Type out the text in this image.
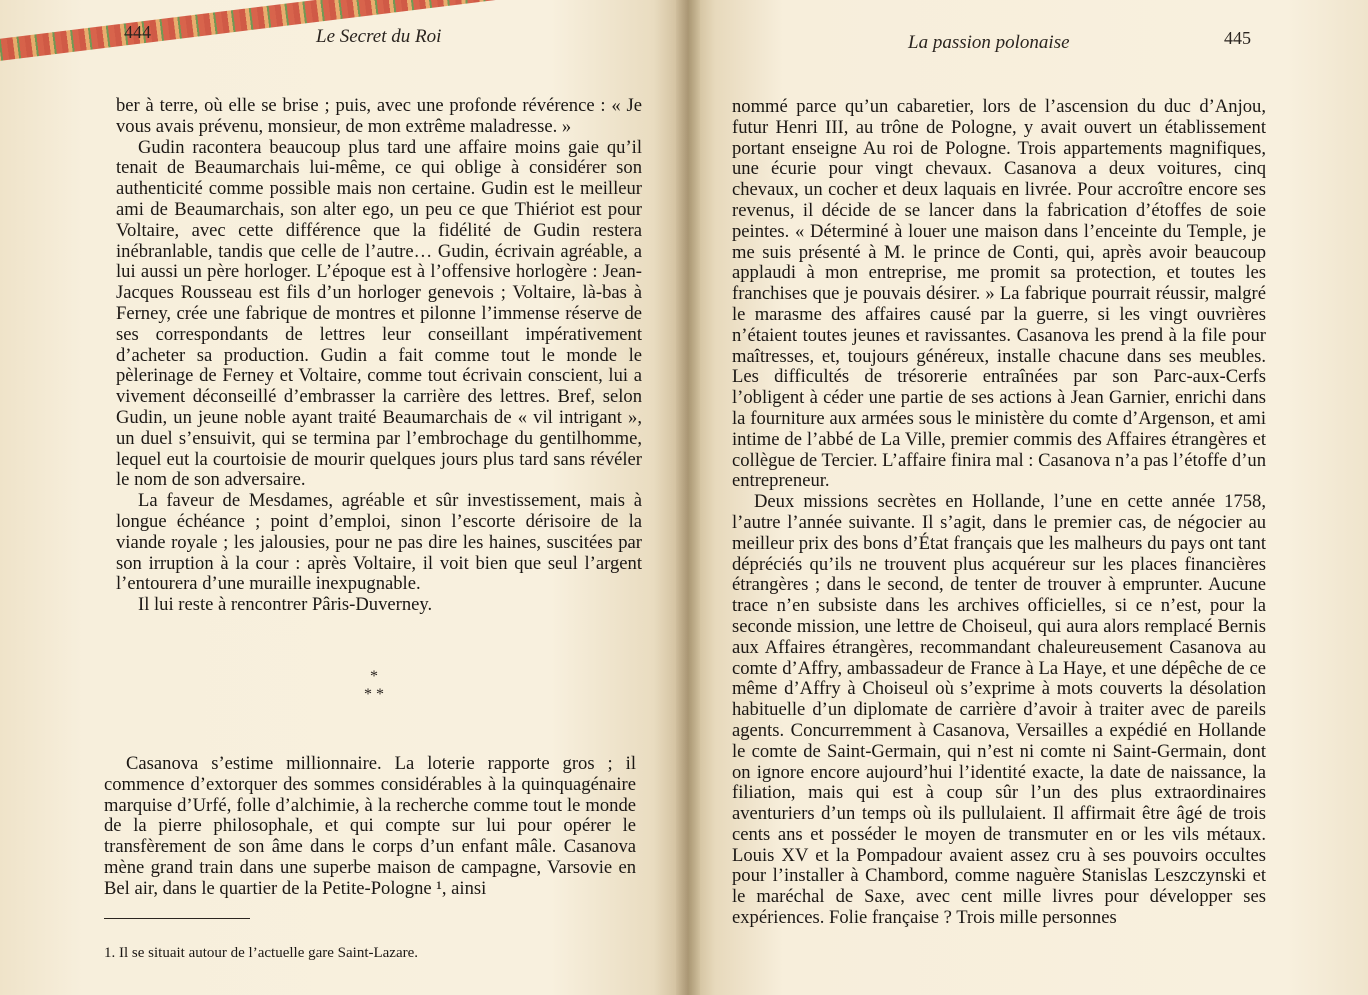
444	Le Secret du Roi

ber à terre, où elle se brise ; puis, avec une profonde révérence : « Je vous avais prévenu, monsieur, de mon extrême maladresse. »

Gudin racontera beaucoup plus tard une affaire moins gaie qu’il tenait de Beaumarchais lui-même, ce qui oblige à considérer son authenticité comme possible mais non certaine. Gudin est le meilleur ami de Beaumarchais, son alter ego, un peu ce que Thiériot est pour Voltaire, avec cette différence que la fidélité de Gudin restera inébranlable, tandis que celle de l’autre… Gudin, écrivain agréable, a lui aussi un père horloger. L’époque est à l’offensive horlogère : Jean-Jacques Rousseau est fils d’un horloger genevois ; Voltaire, là-bas à Ferney, crée une fabrique de montres et pilonne l’immense réserve de ses correspondants de lettres leur conseillant impérativement d’acheter sa production. Gudin a fait comme tout le monde le pèlerinage de Ferney et Voltaire, comme tout écrivain conscient, lui a vivement déconseillé d’embrasser la carrière des lettres. Bref, selon Gudin, un jeune noble ayant traité Beaumarchais de « vil intrigant », un duel s’ensuivit, qui se termina par l’embrochage du gentilhomme, lequel eut la courtoisie de mourir quelques jours plus tard sans révéler le nom de son adversaire.

La faveur de Mesdames, agréable et sûr investissement, mais à longue échéance ; point d’emploi, sinon l’escorte dérisoire de la viande royale ; les jalousies, pour ne pas dire les haines, suscitées par son irruption à la cour : après Voltaire, il voit bien que seul l’argent l’entourera d’une muraille inexpugnable.

Il lui reste à rencontrer Pâris-Duverney.

*
* *

Casanova s’estime millionnaire. La loterie rapporte gros ; il commence d’extorquer des sommes considérables à la quinquagénaire marquise d’Urfé, folle d’alchimie, à la recherche comme tout le monde de la pierre philosophale, et qui compte sur lui pour opérer le transfèrement de son âme dans le corps d’un enfant mâle. Casanova mène grand train dans une superbe maison de campagne, Varsovie en Bel air, dans le quartier de la Petite-Pologne ¹, ainsi

1. Il se situait autour de l’actuelle gare Saint-Lazare.
La passion polonaise	445

nommé parce qu’un cabaretier, lors de l’ascension du duc d’Anjou, futur Henri III, au trône de Pologne, y avait ouvert un établissement portant enseigne Au roi de Pologne. Trois appartements magnifiques, une écurie pour vingt chevaux. Casanova a deux voitures, cinq chevaux, un cocher et deux laquais en livrée. Pour accroître encore ses revenus, il décide de se lancer dans la fabrication d’étoffes de soie peintes. « Déterminé à louer une maison dans l’enceinte du Temple, je me suis présenté à M. le prince de Conti, qui, après avoir beaucoup applaudi à mon entreprise, me promit sa protection, et toutes les franchises que je pouvais désirer. » La fabrique pourrait réussir, malgré le marasme des affaires causé par la guerre, si les vingt ouvrières n’étaient toutes jeunes et ravissantes. Casanova les prend à la file pour maîtresses, et, toujours généreux, installe chacune dans ses meubles. Les difficultés de trésorerie entraînées par son Parc-aux-Cerfs l’obligent à céder une partie de ses actions à Jean Garnier, enrichi dans la fourniture aux armées sous le ministère du comte d’Argenson, et ami intime de l’abbé de La Ville, premier commis des Affaires étrangères et collègue de Tercier. L’affaire finira mal : Casanova n’a pas l’étoffe d’un entrepreneur.

Deux missions secrètes en Hollande, l’une en cette année 1758, l’autre l’année suivante. Il s’agit, dans le premier cas, de négocier au meilleur prix des bons d’État français que les malheurs du pays ont tant dépréciés qu’ils ne trouvent plus acquéreur sur les places financières étrangères ; dans le second, de tenter de trouver à emprunter. Aucune trace n’en subsiste dans les archives officielles, si ce n’est, pour la seconde mission, une lettre de Choiseul, qui aura alors remplacé Bernis aux Affaires étrangères, recommandant chaleureusement Casanova au comte d’Affry, ambassadeur de France à La Haye, et une dépêche de ce même d’Affry à Choiseul où s’exprime à mots couverts la désolation habituelle d’un diplomate de carrière d’avoir à traiter avec de pareils agents. Concurremment à Casanova, Versailles a expédié en Hollande le comte de Saint-Germain, qui n’est ni comte ni Saint-Germain, dont on ignore encore aujourd’hui l’identité exacte, la date de naissance, la filiation, mais qui est à coup sûr l’un des plus extraordinaires aventuriers d’un temps où ils pullulaient. Il affirmait être âgé de trois cents ans et posséder le moyen de transmuter en or les vils métaux. Louis XV et la Pompadour avaient assez cru à ses pouvoirs occultes pour l’installer à Chambord, comme naguère Stanislas Leszczynski et le maréchal de Saxe, avec cent mille livres pour développer ses expériences. Folie française ? Trois mille personnes
